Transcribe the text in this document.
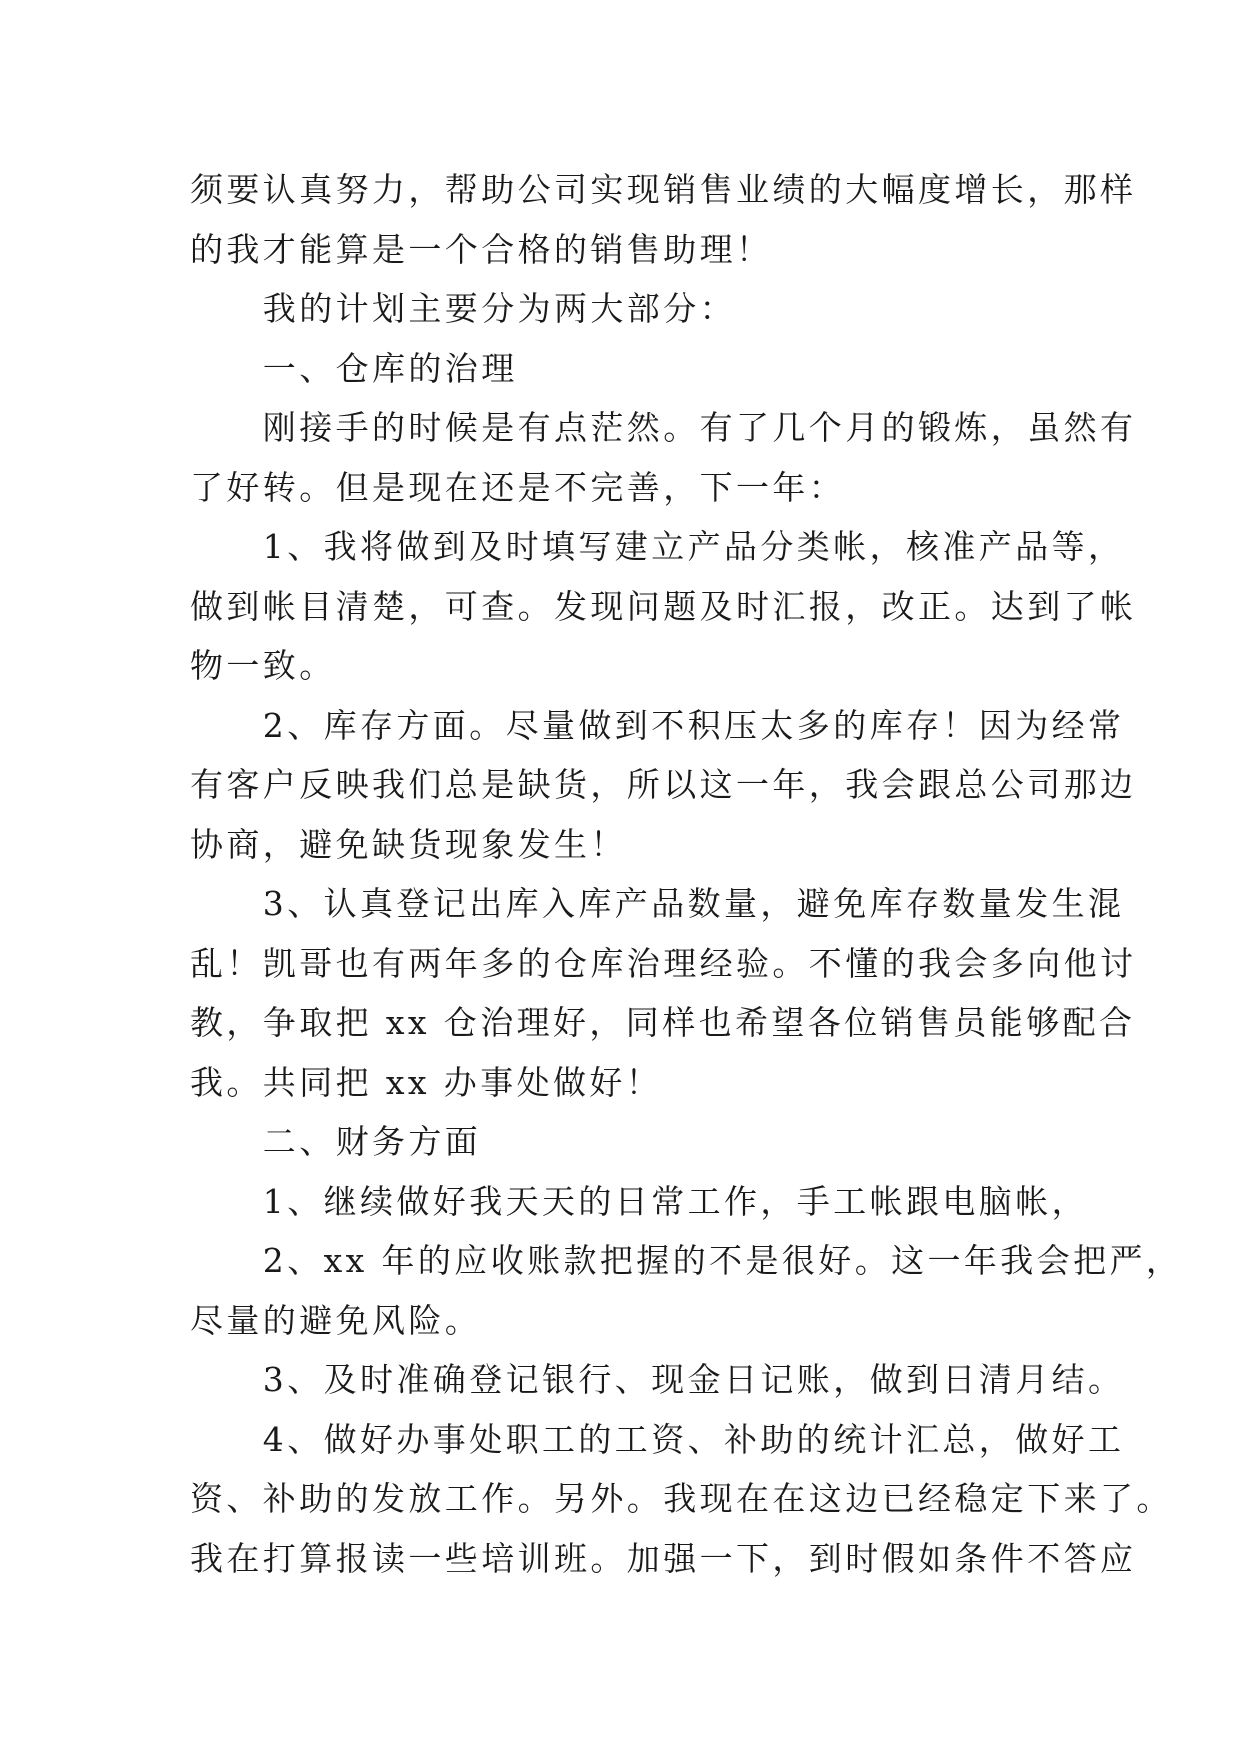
须要认真努力，帮助公司实现销售业绩的大幅度增长，那样

的我才能算是一个合格的销售助理！

　　我的计划主要分为两大部分：

　　一、仓库的治理

　　刚接手的时候是有点茫然。有了几个月的锻炼，虽然有

了好转。但是现在还是不完善，下一年：

　　1、我将做到及时填写建立产品分类帐，核准产品等，

做到帐目清楚，可查。发现问题及时汇报，改正。达到了帐

物一致。

　　2、库存方面。尽量做到不积压太多的库存！因为经常

有客户反映我们总是缺货，所以这一年，我会跟总公司那边

协商，避免缺货现象发生！

　　3、认真登记出库入库产品数量，避免库存数量发生混

乱！凯哥也有两年多的仓库治理经验。不懂的我会多向他讨

教，争取把 xx 仓治理好，同样也希望各位销售员能够配合

我。共同把 xx 办事处做好！

　　二、财务方面

　　1、继续做好我天天的日常工作，手工帐跟电脑帐，

　　2、xx 年的应收账款把握的不是很好。这一年我会把严，

尽量的避免风险。

　　3、及时准确登记银行、现金日记账，做到日清月结。

　　4、做好办事处职工的工资、补助的统计汇总，做好工

资、补助的发放工作。另外。我现在在这边已经稳定下来了。

我在打算报读一些培训班。加强一下，到时假如条件不答应
